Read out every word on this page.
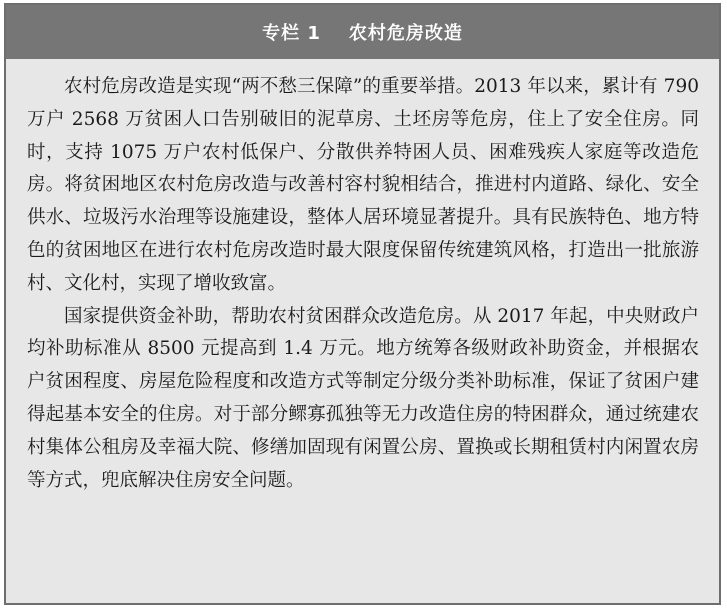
专栏 1 农村危房改造

农村危房改造是实现“两不愁三保障”的重要举措。2013 年以来，累计有 790 万户 2568 万贫困人口告别破旧的泥草房、土坯房等危房，住上了安全住房。同时，支持 1075 万户农村低保户、分散供养特困人员、困难残疾人家庭等改造危房。将贫困地区农村危房改造与改善村容村貌相结合，推进村内道路、绿化、安全供水、垃圾污水治理等设施建设，整体人居环境显著提升。具有民族特色、地方特色的贫困地区在进行农村危房改造时最大限度保留传统建筑风格，打造出一批旅游村、文化村，实现了增收致富。

国家提供资金补助，帮助农村贫困群众改造危房。从 2017 年起，中央财政户均补助标准从 8500 元提高到 1.4 万元。地方统筹各级财政补助资金，并根据农户贫困程度、房屋危险程度和改造方式等制定分级分类补助标准，保证了贫困户建得起基本安全的住房。对于部分鳏寡孤独等无力改造住房的特困群众，通过统建农村集体公租房及幸福大院、修缮加固现有闲置公房、置换或长期租赁村内闲置农房等方式，兜底解决住房安全问题。
